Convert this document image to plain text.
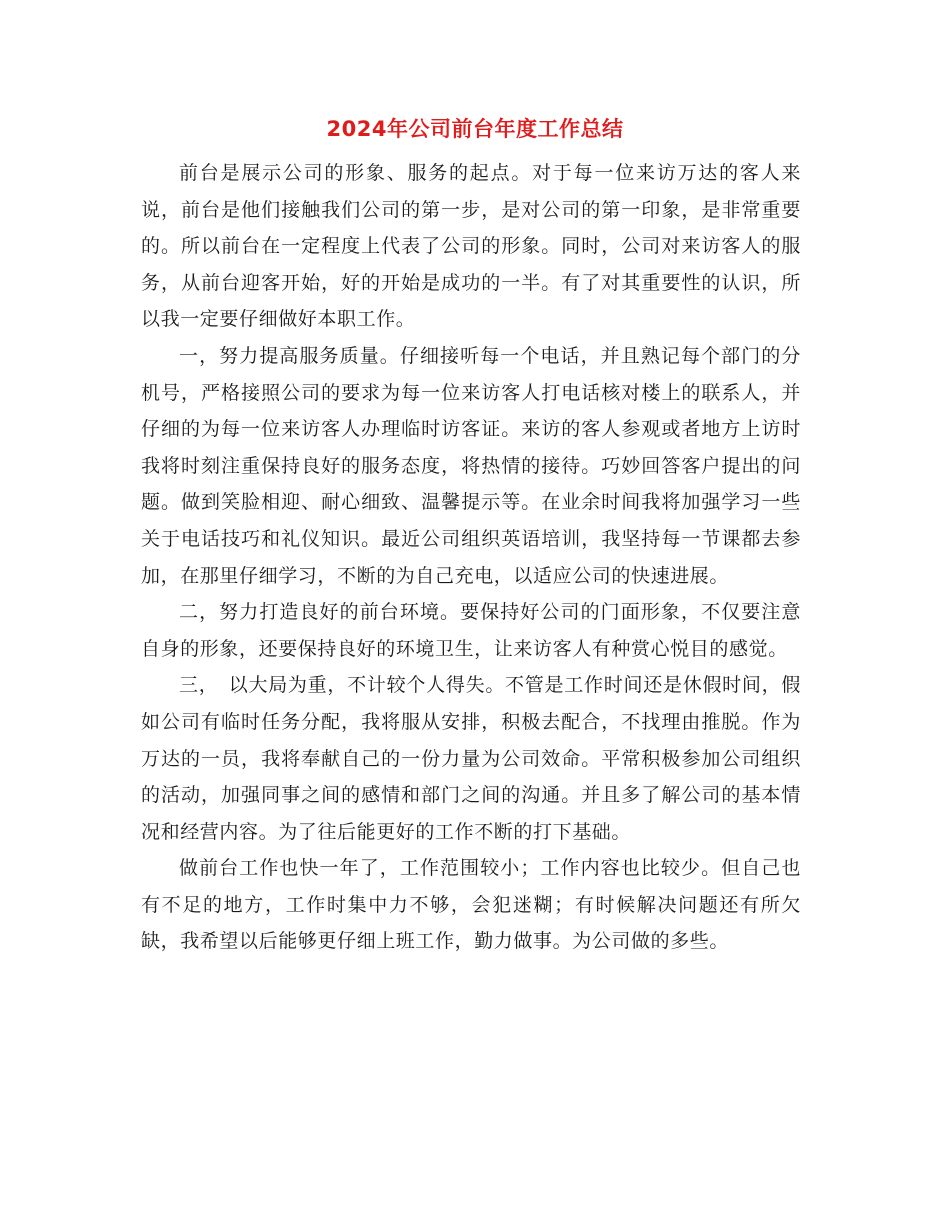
2024年公司前台年度工作总结

前台是展示公司的形象、服务的起点。对于每一位来访万达的客人来说，前台是他们接触我们公司的第一步，是对公司的第一印象，是非常重要的。所以前台在一定程度上代表了公司的形象。同时，公司对来访客人的服务，从前台迎客开始，好的开始是成功的一半。有了对其重要性的认识，所以我一定要仔细做好本职工作。

一，努力提高服务质量。仔细接听每一个电话，并且熟记每个部门的分机号，严格接照公司的要求为每一位来访客人打电话核对楼上的联系人，并仔细的为每一位来访客人办理临时访客证。来访的客人参观或者地方上访时我将时刻注重保持良好的服务态度，将热情的接待。巧妙回答客户提出的问题。做到笑脸相迎、耐心细致、温馨提示等。在业余时间我将加强学习一些关于电话技巧和礼仪知识。最近公司组织英语培训，我坚持每一节课都去参加，在那里仔细学习，不断的为自己充电，以适应公司的快速进展。

二，努力打造良好的前台环境。要保持好公司的门面形象，不仅要注意自身的形象，还要保持良好的环境卫生，让来访客人有种赏心悦目的感觉。

三，　以大局为重，不计较个人得失。不管是工作时间还是休假时间，假如公司有临时任务分配，我将服从安排，积极去配合，不找理由推脱。作为万达的一员，我将奉献自己的一份力量为公司效命。平常积极参加公司组织的活动，加强同事之间的感情和部门之间的沟通。并且多了解公司的基本情况和经营内容。为了往后能更好的工作不断的打下基础。

做前台工作也快一年了，工作范围较小；工作内容也比较少。但自己也有不足的地方，工作时集中力不够，会犯迷糊；有时候解决问题还有所欠缺，我希望以后能够更仔细上班工作，勤力做事。为公司做的多些。
